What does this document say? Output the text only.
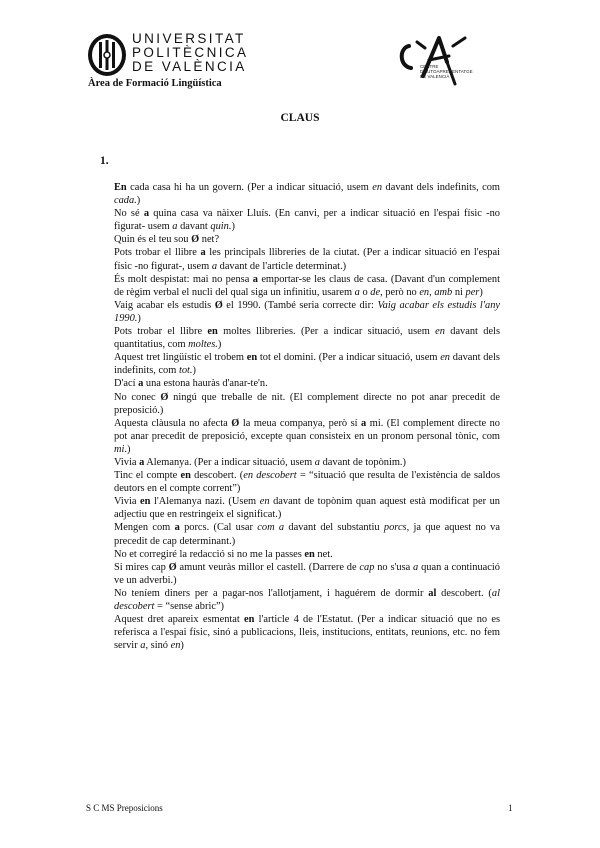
UNIVERSITAT
POLITÈCNICA
DE VALÈNCIA
Àrea de Formació Lingüística
CENTRE
D'AUTOAPRENENTATGE
DE VALENCIÀ
CLAUS
1.

En cada casa hi ha un govern. (Per a indicar situació, usem en davant dels indefinits, com cada.)

No sé a quina casa va nàixer Lluís. (En canvi, per a indicar situació en l'espai físic -no figurat- usem a davant quin.)

Quin és el teu sou Ø net?

Pots trobar el llibre a les principals llibreries de la ciutat. (Per a indicar situació en l'espai físic -no figurat-, usem a davant de l'article determinat.)

És molt despistat: mai no pensa a emportar-se les claus de casa. (Davant d'un complement de règim verbal el nucli del qual siga un infinitiu, usarem a o de, però no en, amb ni per)

Vaig acabar els estudis Ø el 1990. (També seria correcte dir: Vaig acabar els estudis l'any 1990.)

Pots trobar el llibre en moltes llibreries. (Per a indicar situació, usem en davant dels quantitatius, com moltes.)

Aquest tret lingüístic el trobem en tot el domini. (Per a indicar situació, usem en davant dels indefinits, com tot.)

D'ací a una estona hauràs d'anar-te'n.

No conec Ø ningú que treballe de nit. (El complement directe no pot anar precedit de preposició.)

Aquesta clàusula no afecta Ø la meua companya, però sí a mi. (El complement directe no pot anar precedit de preposició, excepte quan consisteix en un pronom personal tònic, com mi.)

Vivia a Alemanya. (Per a indicar situació, usem a davant de topònim.)

Tinc el compte en descobert. (en descobert = “situació que resulta de l'existència de saldos deutors en el compte corrent”)

Vivia en l'Alemanya nazi. (Usem en davant de topònim quan aquest està modificat per un adjectiu que en restringeix el significat.)

Mengen com a porcs. (Cal usar com a davant del substantiu porcs, ja que aquest no va precedit de cap determinant.)

No et corregiré la redacció si no me la passes en net.

Si mires cap Ø amunt veuràs millor el castell. (Darrere de cap no s'usa a quan a continuació ve un adverbi.)

No teníem diners per a pagar-nos l'allotjament, i haguérem de dormir al descobert. (al descobert = “sense abric”)

Aquest dret apareix esmentat en l'article 4 de l'Estatut. (Per a indicar situació que no es referisca a l'espai físic, sinó a publicacions, lleis, institucions, entitats, reunions, etc. no fem servir a, sinó en)

S C MS Preposicions	1
